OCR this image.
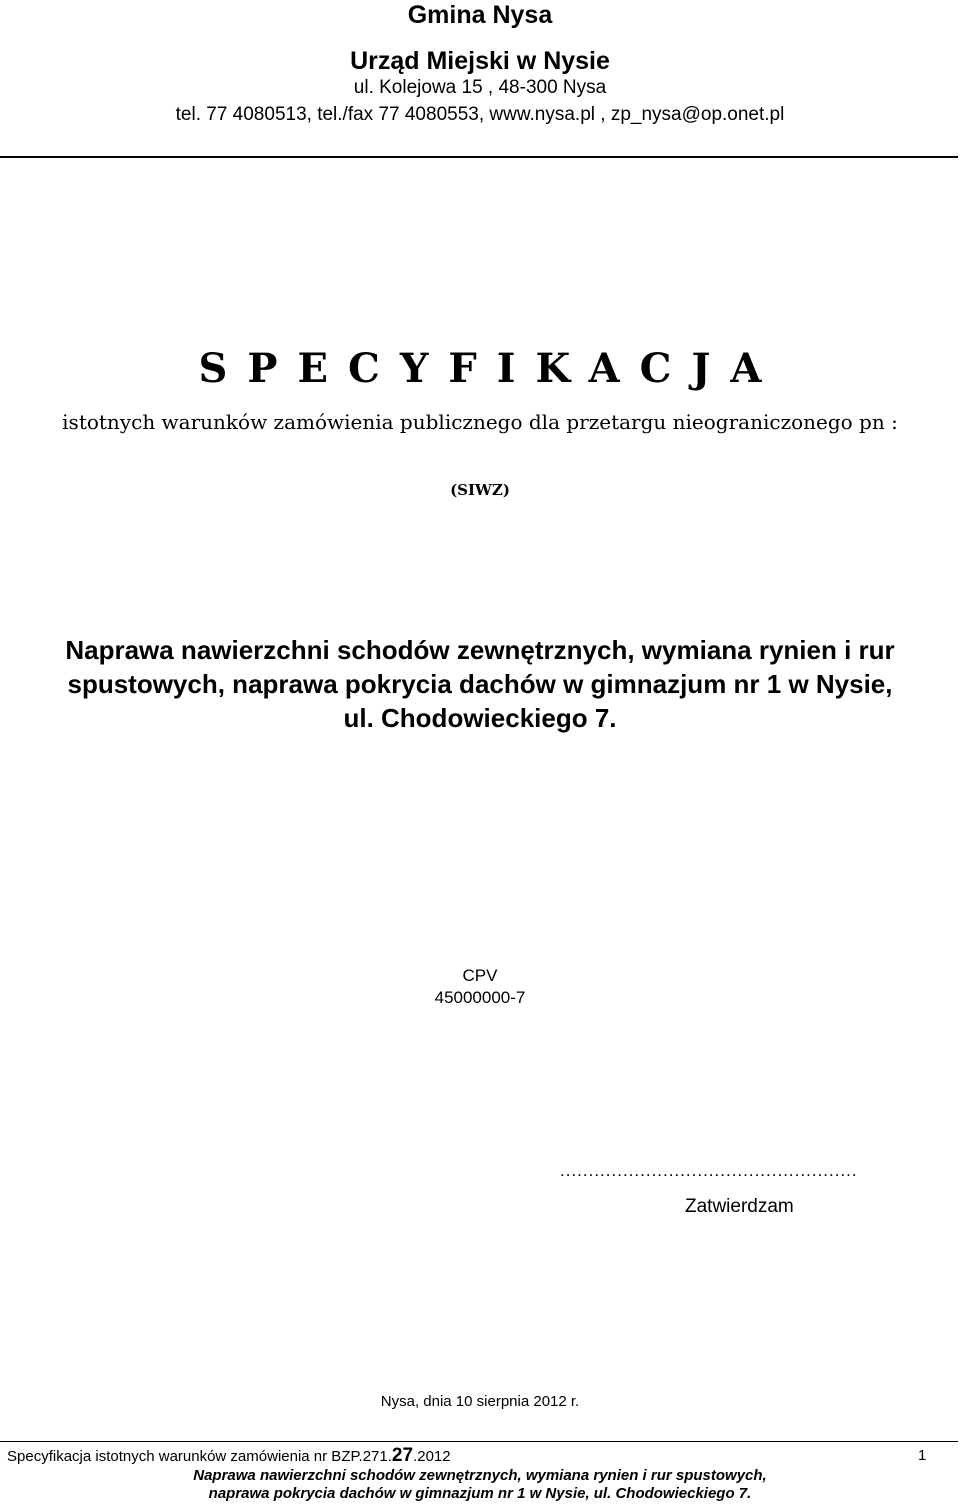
Gmina Nysa
Urząd Miejski w Nysie
ul. Kolejowa 15 , 48-300 Nysa
tel. 77 4080513, tel./fax 77 4080553, www.nysa.pl , zp_nysa@op.onet.pl
SPECYFIKACJA
istotnych warunków zamówienia publicznego dla przetargu nieograniczonego pn :
(SIWZ)
Naprawa nawierzchni schodów zewnętrznych, wymiana rynien i rur
spustowych, naprawa pokrycia dachów w gimnazjum nr 1 w Nysie,
ul. Chodowieckiego 7.
CPV
45000000-7
....................................................
Zatwierdzam
Nysa, dnia 10 sierpnia 2012 r.
Specyfikacja istotnych warunków zamówienia nr BZP.271.27.2012	1
Naprawa nawierzchni schodów zewnętrznych, wymiana rynien i rur spustowych,
naprawa pokrycia dachów w gimnazjum nr 1 w Nysie, ul. Chodowieckiego 7.
